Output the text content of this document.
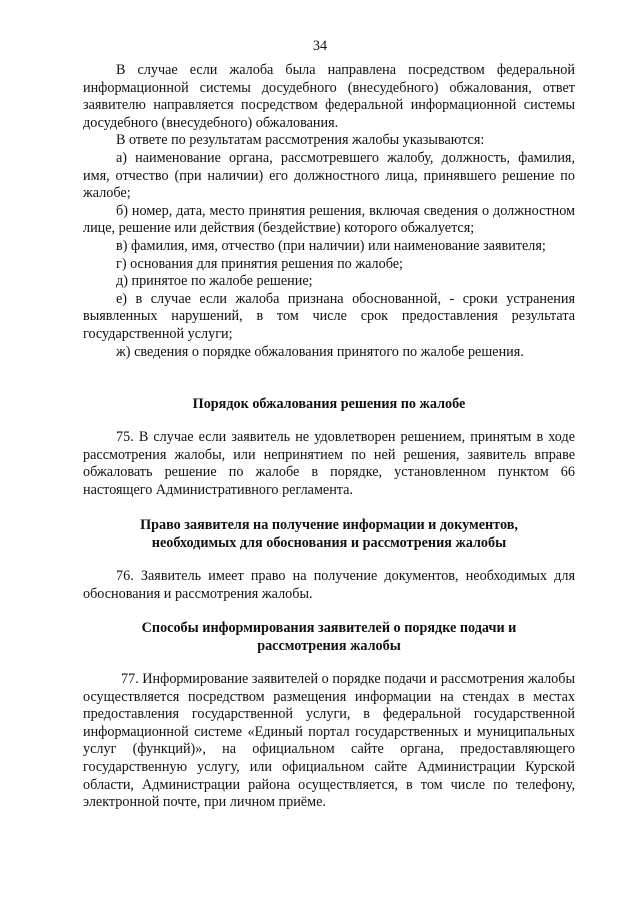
34

В случае если жалоба была направлена посредством федеральной информационной системы досудебного (внесудебного) обжалования, ответ заявителю направляется посредством федеральной информационной системы досудебного (внесудебного) обжалования.

В ответе по результатам рассмотрения жалобы указываются:

а) наименование органа, рассмотревшего жалобу, должность, фамилия, имя, отчество (при наличии) его должностного лица, принявшего решение по жалобе;

б) номер, дата, место принятия решения, включая сведения о должностном лице, решение или действия (бездействие) которого обжалуется;

в) фамилия, имя, отчество (при наличии) или наименование заявителя;

г) основания для принятия решения по жалобе;

д) принятое по жалобе решение;

е) в случае если жалоба признана обоснованной, - сроки устранения выявленных нарушений, в том числе срок предоставления результата государственной услуги;

ж) сведения о порядке обжалования принятого по жалобе решения.

Порядок обжалования решения по жалобе

75. В случае если заявитель не удовлетворен решением, принятым в ходе рассмотрения жалобы, или непринятием по ней решения, заявитель вправе обжаловать решение по жалобе в порядке, установленном пунктом 66 настоящего Административного регламента.

Право заявителя на получение информации и документов,
необходимых для обоснования и рассмотрения жалобы

76. Заявитель имеет право на получение документов, необходимых для обоснования и рассмотрения жалобы.

Способы информирования заявителей о порядке подачи и
рассмотрения жалобы

77. Информирование заявителей о порядке подачи и рассмотрения жалобы осуществляется посредством размещения информации на стендах в местах предоставления государственной услуги, в федеральной государственной информационной системе «Единый портал государственных и муниципальных услуг (функций)», на официальном сайте органа, предоставляющего государственную услугу, или официальном сайте Администрации Курской области, Администрации района осуществляется, в том числе по телефону, электронной почте, при личном приёме.
